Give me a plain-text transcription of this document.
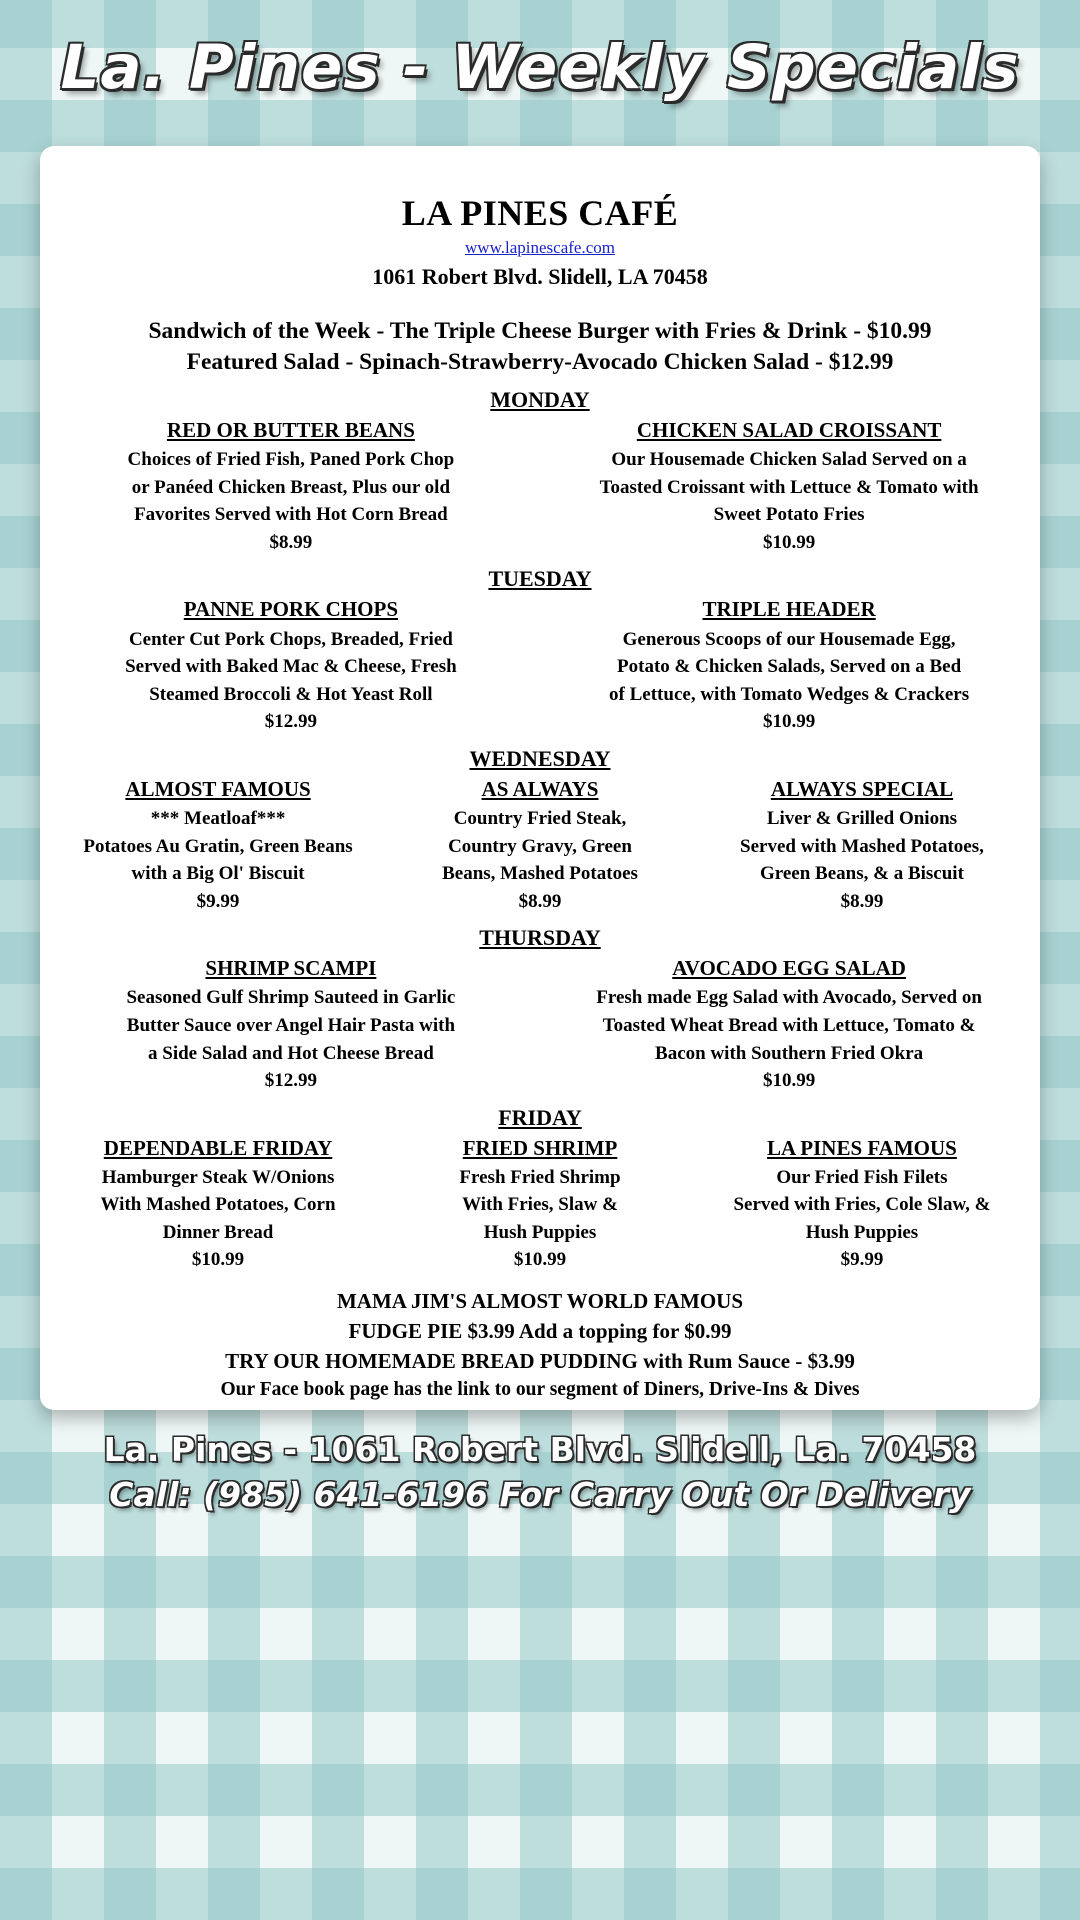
La. Pines - Weekly Specials
LA PINES CAFÉ
www.lapinescafe.com
1061 Robert Blvd. Slidell, LA 70458
Sandwich of the Week - The Triple Cheese Burger with Fries & Drink - $10.99
Featured Salad - Spinach-Strawberry-Avocado Chicken Salad - $12.99
MONDAY
RED OR BUTTER BEANS
Choices of Fried Fish, Paned Pork Chop
or Panéed Chicken Breast, Plus our old
Favorites Served with Hot Corn Bread
$8.99
CHICKEN SALAD CROISSANT
Our Housemade Chicken Salad Served on a
Toasted Croissant with Lettuce & Tomato with
Sweet Potato Fries
$10.99
TUESDAY
PANNE PORK CHOPS
Center Cut Pork Chops, Breaded, Fried
Served with Baked Mac & Cheese, Fresh
Steamed Broccoli & Hot Yeast Roll
$12.99
TRIPLE HEADER
Generous Scoops of our Housemade Egg,
Potato & Chicken Salads, Served on a Bed
of Lettuce, with Tomato Wedges & Crackers
$10.99
WEDNESDAY
ALMOST FAMOUS
*** Meatloaf***
Potatoes Au Gratin, Green Beans
with a Big Ol' Biscuit
$9.99
AS ALWAYS
Country Fried Steak,
Country Gravy, Green
Beans, Mashed Potatoes
$8.99
ALWAYS SPECIAL
Liver & Grilled Onions
Served with Mashed Potatoes,
Green Beans, & a Biscuit
$8.99
THURSDAY
SHRIMP SCAMPI
Seasoned Gulf Shrimp Sauteed in Garlic
Butter Sauce over Angel Hair Pasta with
a Side Salad and Hot Cheese Bread
$12.99
AVOCADO EGG SALAD
Fresh made Egg Salad with Avocado, Served on
Toasted Wheat Bread with Lettuce, Tomato &
Bacon with Southern Fried Okra
$10.99
FRIDAY
DEPENDABLE FRIDAY
Hamburger Steak W/Onions
With Mashed Potatoes, Corn
Dinner Bread
$10.99
FRIED SHRIMP
Fresh Fried Shrimp
With Fries, Slaw &
Hush Puppies
$10.99
LA PINES FAMOUS
Our Fried Fish Filets
Served with Fries, Cole Slaw, &
Hush Puppies
$9.99
MAMA JIM'S ALMOST WORLD FAMOUS
FUDGE PIE $3.99 Add a topping for $0.99
TRY OUR HOMEMADE BREAD PUDDING with Rum Sauce - $3.99
Our Face book page has the link to our segment of Diners, Drive-Ins & Dives
La. Pines - 1061 Robert Blvd. Slidell, La. 70458
Call: (985) 641-6196 For Carry Out Or Delivery
